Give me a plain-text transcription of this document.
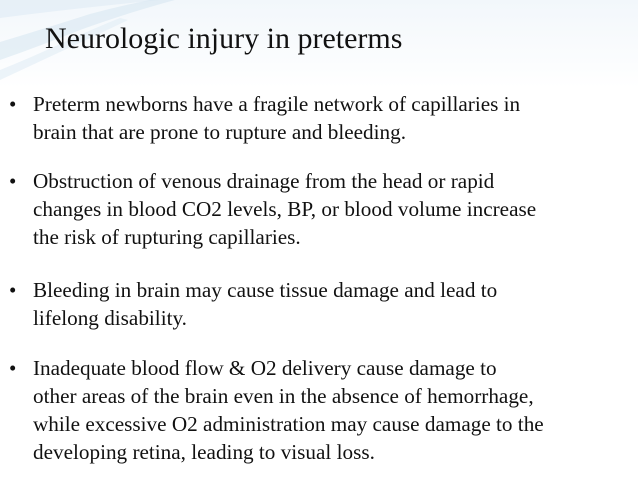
Neurologic injury in preterms
• Preterm newborns have a fragile network of capillaries in
brain that are prone to rupture and bleeding.
• Obstruction of venous drainage from the head or rapid
changes in blood CO2 levels, BP, or blood volume increase
the risk of rupturing capillaries.
• Bleeding in brain may cause tissue damage and lead to
lifelong disability.
• Inadequate blood flow & O2 delivery cause damage to
other areas of the brain even in the absence of hemorrhage,
while excessive O2 administration may cause damage to the
developing retina, leading to visual loss.
